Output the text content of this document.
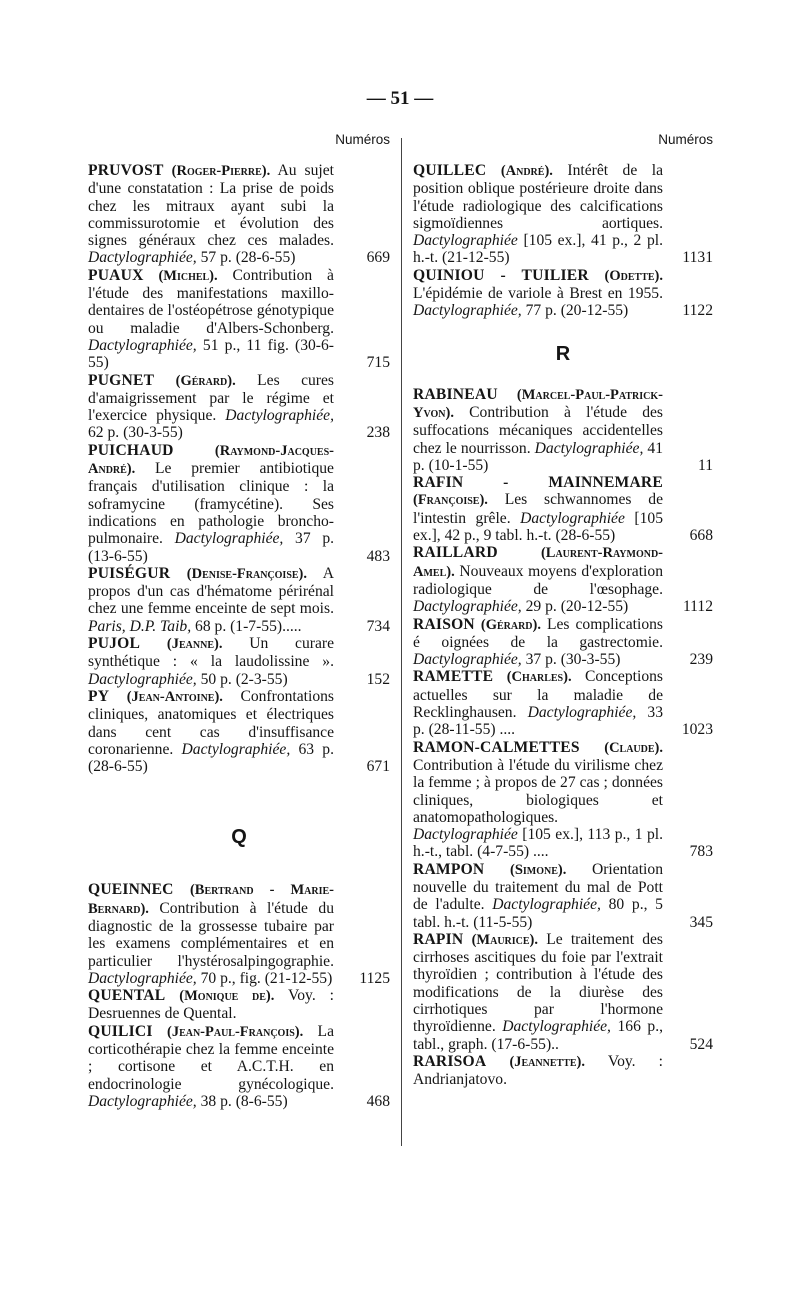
— 51 —
Numéros
PRUVOST (Roger-Pierre). Au sujet d'une constatation : La prise de poids chez les mitraux ayant subi la commissurotomie et évolution des signes généraux chez ces malades. Dactylographiée, 57 p. (28-6-55)	669
PUAUX (Michel). Contribution à l'étude des manifestations maxillo-dentaires de l'ostéopétrose génotypique ou maladie d'Albers-Schonberg. Dactylographiée, 51 p., 11 fig. (30-6-55)	715
PUGNET (Gérard). Les cures d'amaigrissement par le régime et l'exercice physique. Dactylographiée, 62 p. (30-3-55)	238
PUICHAUD	(Raymond-Jacques-André). Le premier antibiotique français d'utilisation clinique : la soframycine (framycétine). Ses indications en pathologie broncho-pulmonaire. Dactylographiée, 37 p. (13-6-55)	483
PUISÉGUR (Denise-Françoise). A propos d'un cas d'hématome périrénal chez une femme enceinte de sept mois. Paris, D.P. Taib, 68 p. (1-7-55).....	734
PUJOL (Jeanne). Un curare synthétique : « la laudolissine ». Dactylographiée, 50 p. (2-3-55)	152
PY (Jean-Antoine). Confrontations cliniques, anatomiques et électriques dans cent cas d'insuffisance coronarienne. Dactylographiée, 63 p. (28-6-55)	671
Q
QUEINNEC (Bertrand - Marie-Bernard). Contribution à l'étude du diagnostic de la grossesse tubaire par les examens complémentaires et en particulier l'hystérosalpingographie. Dactylographiée, 70 p., fig. (21-12-55)	1125
QUENTAL (Monique de). Voy. : Desruennes de Quental.
QUILICI (Jean-Paul-François). La corticothérapie chez la femme enceinte ; cortisone et A.C.T.H. en endocrinologie gynécologique. Dactylographiée, 38 p. (8-6-55)	468
Numéros
QUILLEC (André). Intérêt de la position oblique postérieure droite dans l'étude radiologique des calcifications sigmoïdiennes aortiques. Dactylographiée [105 ex.], 41 p., 2 pl. h.-t. (21-12-55)	1131
QUINIOU - TUILIER (Odette). L'épidémie de variole à Brest en 1955. Dactylographiée, 77 p. (20-12-55)	1122
R
RABINEAU (Marcel-Paul-Patrick-Yvon). Contribution à l'étude des suffocations mécaniques accidentelles chez le nourrisson. Dactylographiée, 41 p. (10-1-55)	11
RAFIN - MAINNEMARE (Françoise). Les schwannomes de l'intestin grêle. Dactylographiée [105 ex.], 42 p., 9 tabl. h.-t. (28-6-55)	668
RAILLARD	(Laurent-Raymond-Amel). Nouveaux moyens d'exploration radiologique de l'œsophage. Dactylographiée, 29 p. (20-12-55)	1112
RAISON (Gérard). Les complications é oignées de la gastrectomie. Dactylographiée, 37 p. (30-3-55)	239
RAMETTE (Charles). Conceptions actuelles sur la maladie de Recklinghausen. Dactylographiée, 33 p. (28-11-55) ....	1023
RAMON-CALMETTES (Claude). Contribution à l'étude du virilisme chez la femme ; à propos de 27 cas ; données cliniques, biologiques et anatomopathologiques. Dactylographiée [105 ex.], 113 p., 1 pl. h.-t., tabl. (4-7-55) ....	783
RAMPON (Simone). Orientation nouvelle du traitement du mal de Pott de l'adulte. Dactylographiée, 80 p., 5 tabl. h.-t. (11-5-55)	345
RAPIN (Maurice). Le traitement des cirrhoses ascitiques du foie par l'extrait thyroïdien ; contribution à l'étude des modifications de la diurèse des cirrhotiques par l'hormone thyroïdienne. Dactylographiée, 166 p., tabl., graph. (17-6-55)..	524
RARISOA (Jeannette). Voy. : Andrianjatovo.
